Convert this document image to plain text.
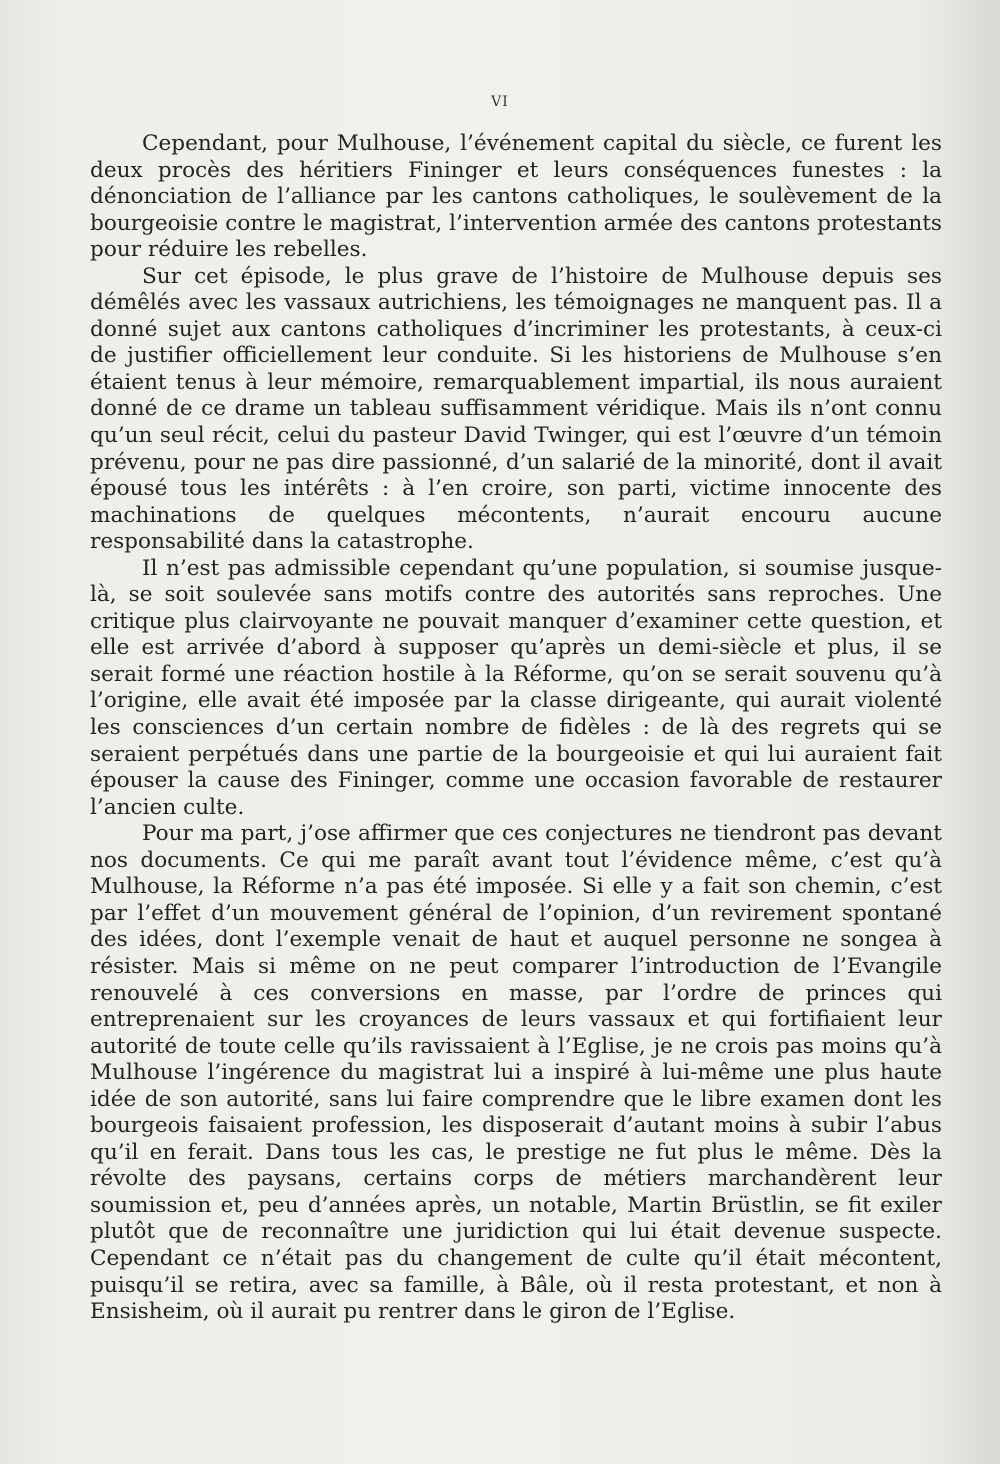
VI

Cependant, pour Mulhouse, l’événement capital du siècle, ce furent les deux procès des héritiers Fininger et leurs conséquences funestes : la dénonciation de l’alliance par les cantons catholiques, le soulèvement de la bourgeoisie contre le magistrat, l’intervention armée des cantons protestants pour réduire les rebelles.

Sur cet épisode, le plus grave de l’histoire de Mulhouse depuis ses démêlés avec les vassaux autrichiens, les témoignages ne manquent pas. Il a donné sujet aux cantons catholiques d’incriminer les protestants, à ceux-ci de justifier officiellement leur conduite. Si les historiens de Mulhouse s’en étaient tenus à leur mémoire, remarquablement impartial, ils nous auraient donné de ce drame un tableau suffisamment véridique. Mais ils n’ont connu qu’un seul récit, celui du pasteur David Twinger, qui est l’œuvre d’un témoin prévenu, pour ne pas dire passionné, d’un salarié de la minorité, dont il avait épousé tous les intérêts : à l’en croire, son parti, victime innocente des machinations de quelques mécontents, n’aurait encouru aucune responsabilité dans la catastrophe.

Il n’est pas admissible cependant qu’une population, si soumise jusque-là, se soit soulevée sans motifs contre des autorités sans reproches. Une critique plus clairvoyante ne pouvait manquer d’examiner cette question, et elle est arrivée d’abord à supposer qu’après un demi-siècle et plus, il se serait formé une réaction hostile à la Réforme, qu’on se serait souvenu qu’à l’origine, elle avait été imposée par la classe dirigeante, qui aurait violenté les consciences d’un certain nombre de fidèles : de là des regrets qui se seraient perpétués dans une partie de la bourgeoisie et qui lui auraient fait épouser la cause des Fininger, comme une occasion favorable de restaurer l’ancien culte.

Pour ma part, j’ose affirmer que ces conjectures ne tiendront pas devant nos documents. Ce qui me paraît avant tout l’évidence même, c’est qu’à Mulhouse, la Réforme n’a pas été imposée. Si elle y a fait son chemin, c’est par l’effet d’un mouvement général de l’opinion, d’un revirement spontané des idées, dont l’exemple venait de haut et auquel personne ne songea à résister. Mais si même on ne peut comparer l’introduction de l’Evangile renouvelé à ces conversions en masse, par l’ordre de princes qui entreprenaient sur les croyances de leurs vassaux et qui fortifiaient leur autorité de toute celle qu’ils ravissaient à l’Eglise, je ne crois pas moins qu’à Mulhouse l’ingérence du magistrat lui a inspiré à lui-même une plus haute idée de son autorité, sans lui faire comprendre que le libre examen dont les bourgeois faisaient profession, les disposerait d’autant moins à subir l’abus qu’il en ferait. Dans tous les cas, le prestige ne fut plus le même. Dès la révolte des paysans, certains corps de métiers marchandèrent leur soumission et, peu d’années après, un notable, Martin Brüstlin, se fit exiler plutôt que de reconnaître une juridiction qui lui était devenue suspecte. Cependant ce n’était pas du changement de culte qu’il était mécontent, puisqu’il se retira, avec sa famille, à Bâle, où il resta protestant, et non à Ensisheim, où il aurait pu rentrer dans le giron de l’Eglise.
